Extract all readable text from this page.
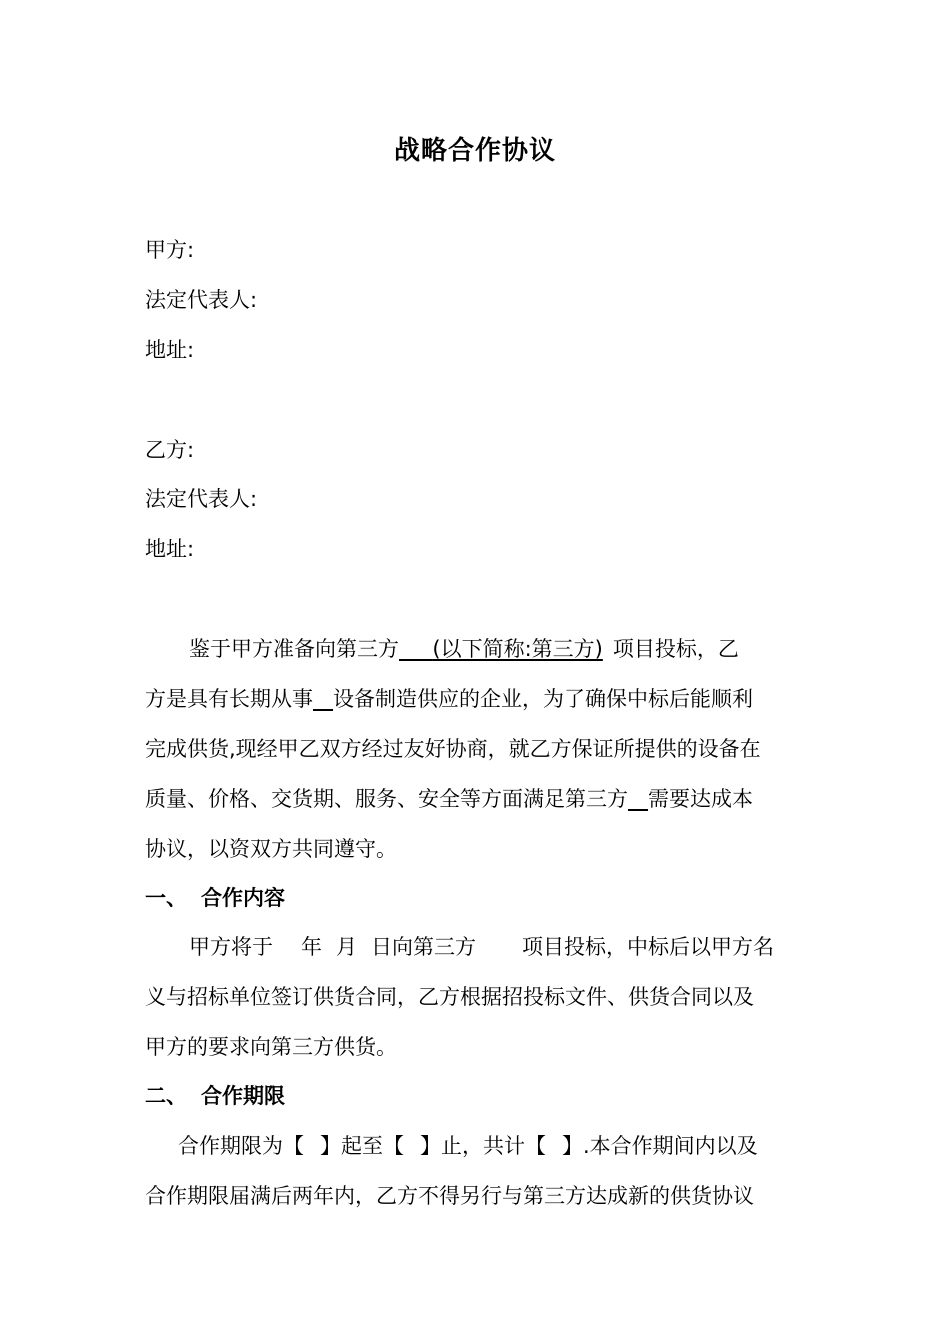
战略合作协议
甲方:
法定代表人:
地址:
乙方:
法定代表人:
地址:
鉴于甲方准备向第三方 (以下简称:第三方) 项目投标，乙
方是具有长期从事 设备制造供应的企业，为了确保中标后能顺利
完成供货,现经甲乙双方经过友好协商，就乙方保证所提供的设备在
质量、价格、交货期、服务、安全等方面满足第三方 需要达成本
协议，以资双方共同遵守。
一、 合作内容
甲方将于 年 月 日向第三方 项目投标，中标后以甲方名
义与招标单位签订供货合同，乙方根据招投标文件、供货合同以及
甲方的要求向第三方供货。
二、 合作期限
合作期限为【 】起至【 】止，共计【 】.本合作期间内以及
合作期限届满后两年内，乙方不得另行与第三方达成新的供货协议
